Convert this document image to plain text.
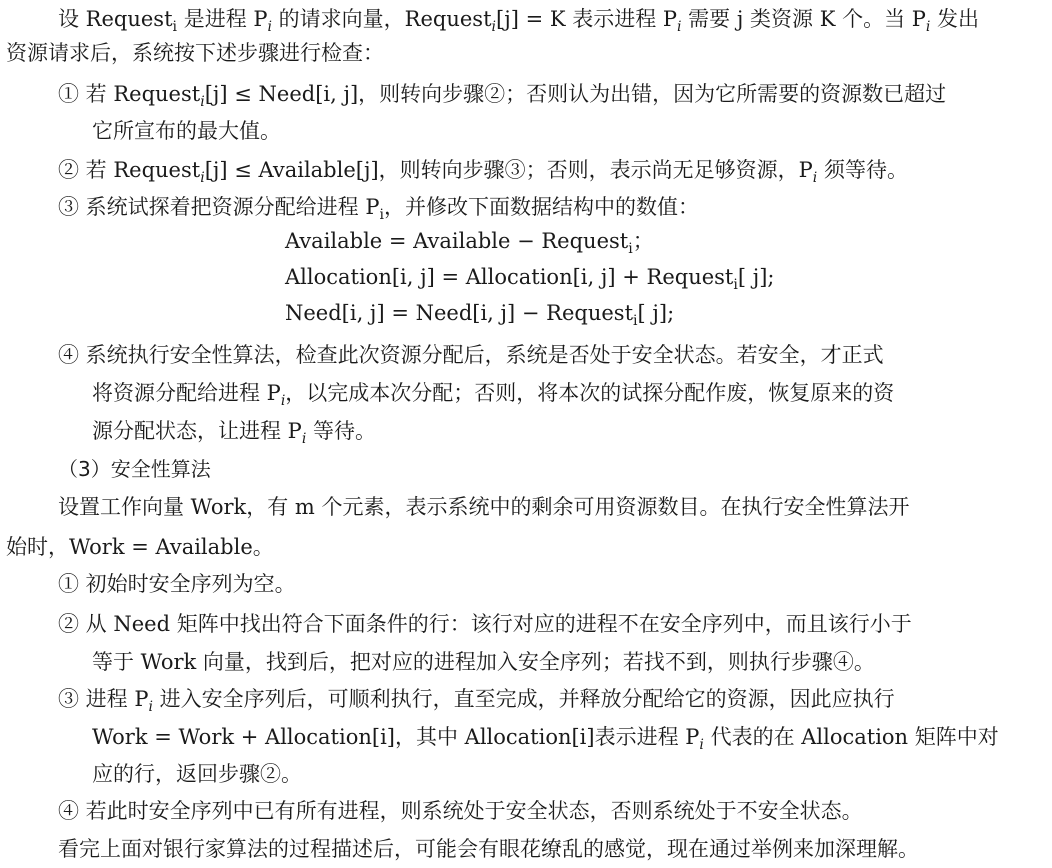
设 Request$_i$ 是进程 $P_i$ 的请求向量，Request$_i$[j] = K 表示进程 $P_i$ 需要 j 类资源 K 个。当 $P_i$ 发出
资源请求后，系统按下述步骤进行检查：
① 若 Request$_i$[j] ≤ Need[i, j]，则转向步骤②；否则认为出错，因为它所需要的资源数已超过
它所宣布的最大值。
② 若 Request$_i$[j] ≤ Available[j]，则转向步骤③；否则，表示尚无足够资源，$P_i$ 须等待。
③ 系统试探着把资源分配给进程 $P_i$，并修改下面数据结构中的数值：
Available = Available − Request$_i$；
Allocation[i, j] = Allocation[i, j] + Request$_i$[ j];
Need[i, j] = Need[i, j] − Request$_i$[ j];
④ 系统执行安全性算法，检查此次资源分配后，系统是否处于安全状态。若安全，才正式
将资源分配给进程 $P_i$，以完成本次分配；否则，将本次的试探分配作废，恢复原来的资
源分配状态，让进程 $P_i$ 等待。
（3）安全性算法
设置工作向量 Work，有 m 个元素，表示系统中的剩余可用资源数目。在执行安全性算法开
始时，Work = Available。
① 初始时安全序列为空。
② 从 Need 矩阵中找出符合下面条件的行：该行对应的进程不在安全序列中，而且该行小于
等于 Work 向量，找到后，把对应的进程加入安全序列；若找不到，则执行步骤④。
③ 进程 $P_i$ 进入安全序列后，可顺利执行，直至完成，并释放分配给它的资源，因此应执行
Work = Work + Allocation[i]，其中 Allocation[i]表示进程 $P_i$ 代表的在 Allocation 矩阵中对
应的行，返回步骤②。
④ 若此时安全序列中已有所有进程，则系统处于安全状态，否则系统处于不安全状态。
看完上面对银行家算法的过程描述后，可能会有眼花缭乱的感觉，现在通过举例来加深理解。
